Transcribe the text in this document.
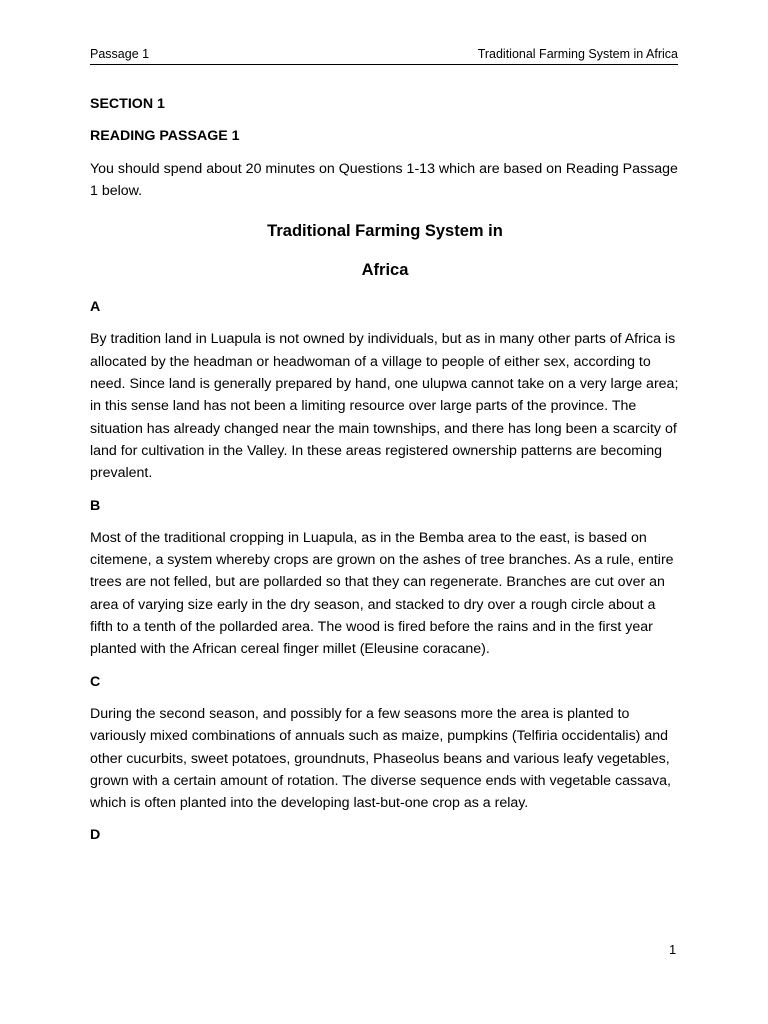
Passage 1	Traditional Farming System in Africa

SECTION 1

READING PASSAGE 1

You should spend about 20 minutes on Questions 1-13 which are based on Reading Passage 1 below.

Traditional Farming System in
Africa

A

By tradition land in Luapula is not owned by individuals, but as in many other parts of Africa is allocated by the headman or headwoman of a village to people of either sex, according to need. Since land is generally prepared by hand, one ulupwa cannot take on a very large area; in this sense land has not been a limiting resource over large parts of the province. The situation has already changed near the main townships, and there has long been a scarcity of land for cultivation in the Valley. In these areas registered ownership patterns are becoming prevalent.

B

Most of the traditional cropping in Luapula, as in the Bemba area to the east, is based on citemene, a system whereby crops are grown on the ashes of tree branches. As a rule, entire trees are not felled, but are pollarded so that they can regenerate. Branches are cut over an area of varying size early in the dry season, and stacked to dry over a rough circle about a fifth to a tenth of the pollarded area. The wood is fired before the rains and in the first year planted with the African cereal finger millet (Eleusine coracane).

C

During the second season, and possibly for a few seasons more the area is planted to variously mixed combinations of annuals such as maize, pumpkins (Telfiria occidentalis) and other cucurbits, sweet potatoes, groundnuts, Phaseolus beans and various leafy vegetables, grown with a certain amount of rotation. The diverse sequence ends with vegetable cassava, which is often planted into the developing last-but-one crop as a relay.

D

1
